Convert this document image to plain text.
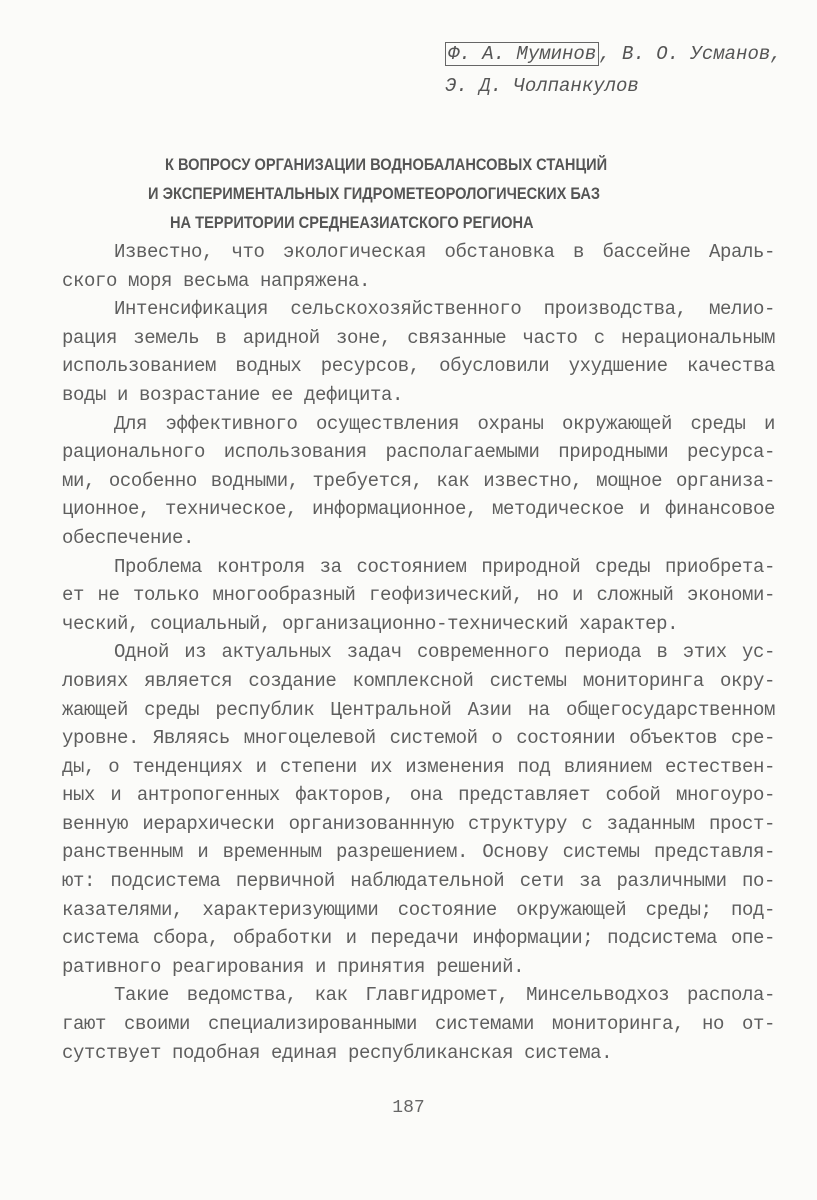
Ф. А. Муминов , В. О. Усманов,
Э. Д. Чолпанкулов
К ВОПРОСУ ОРГАНИЗАЦИИ ВОДНОБАЛАНСОВЫХ СТАНЦИЙ
И ЭКСПЕРИМЕНТАЛЬНЫХ ГИДРОМЕТЕОРОЛОГИЧЕСКИХ БАЗ
НА ТЕРРИТОРИИ СРЕДНЕАЗИАТСКОГО РЕГИОНА
Известно, что экологическая обстановка в бассейне Араль-
ского моря весьма напряжена.
Интенсификация сельскохозяйственного производства, мелио-
рация земель в аридной зоне, связанные часто с нерациональным
использованием водных ресурсов, обусловили ухудшение качества
воды и возрастание ее дефицита.
Для эффективного осуществления охраны окружающей среды и
рационального использования располагаемыми природными ресурса-
ми, особенно водными, требуется, как известно, мощное организа-
ционное, техническое, информационное, методическое и финансовое
обеспечение.
Проблема контроля за состоянием природной среды приобрета-
ет не только многообразный геофизический, но и сложный экономи-
ческий, социальный, организационно-технический характер.
Одной из актуальных задач современного периода в этих ус-
ловиях является создание комплексной системы мониторинга окру-
жающей среды республик Центральной Азии на общегосударственном
уровне. Являясь многоцелевой системой о состоянии объектов сре-
ды, о тенденциях и степени их изменения под влиянием естествен-
ных и антропогенных факторов, она представляет собой многоуро-
венную иерархически организованнную структуру с заданным прост-
ранственным и временным разрешением. Основу системы представля-
ют: подсистема первичной наблюдательной сети за различными по-
казателями, характеризующими состояние окружающей среды; под-
система сбора, обработки и передачи информации; подсистема опе-
ративного реагирования и принятия решений.
Такие ведомства, как Главгидромет, Минсельводхоз распола-
гают своими специализированными системами мониторинга, но от-
сутствует подобная единая республиканская система.
187
